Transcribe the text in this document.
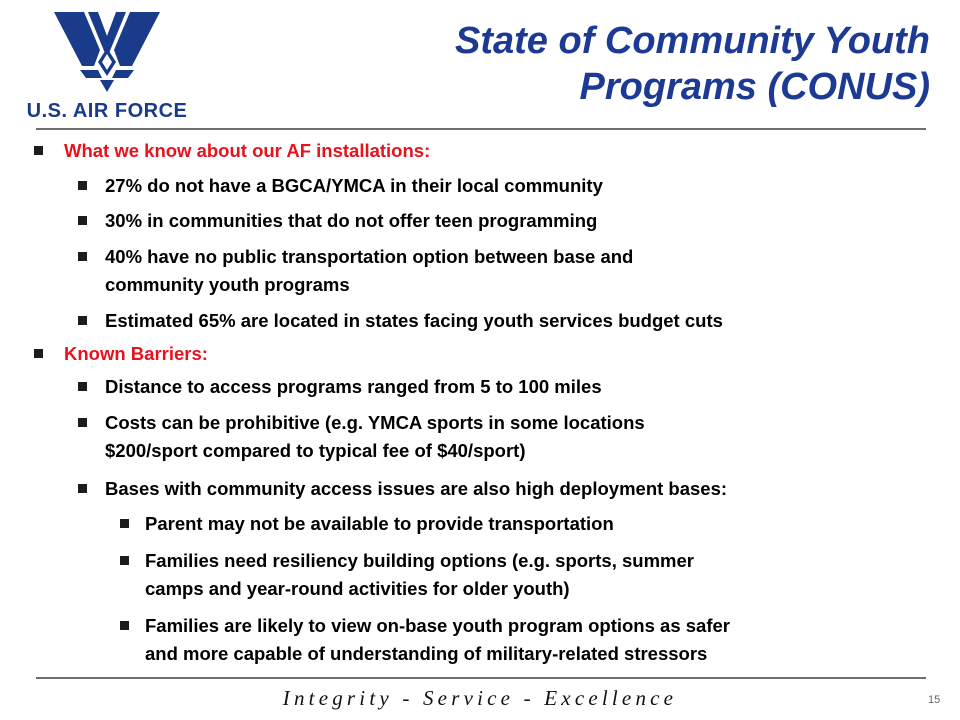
U.S. AIR FORCE
State of Community Youth
Programs (CONUS)
What we know about our AF installations:
27% do not have a BGCA/YMCA in their local community
30% in communities that do not offer teen programming
40% have no public transportation option between base and
community youth programs
Estimated 65% are located in states facing youth services budget cuts
Known Barriers:
Distance to access programs ranged from 5 to 100 miles
Costs can be prohibitive (e.g. YMCA sports in some locations
$200/sport compared to typical fee of $40/sport)
Bases with community access issues are also high deployment bases:
Parent may not be available to provide transportation
Families need resiliency building options (e.g. sports, summer
camps and year-round activities for older youth)
Families are likely to view on-base youth program options as safer
and more capable of understanding of military-related stressors
Integrity - Service - Excellence	15
